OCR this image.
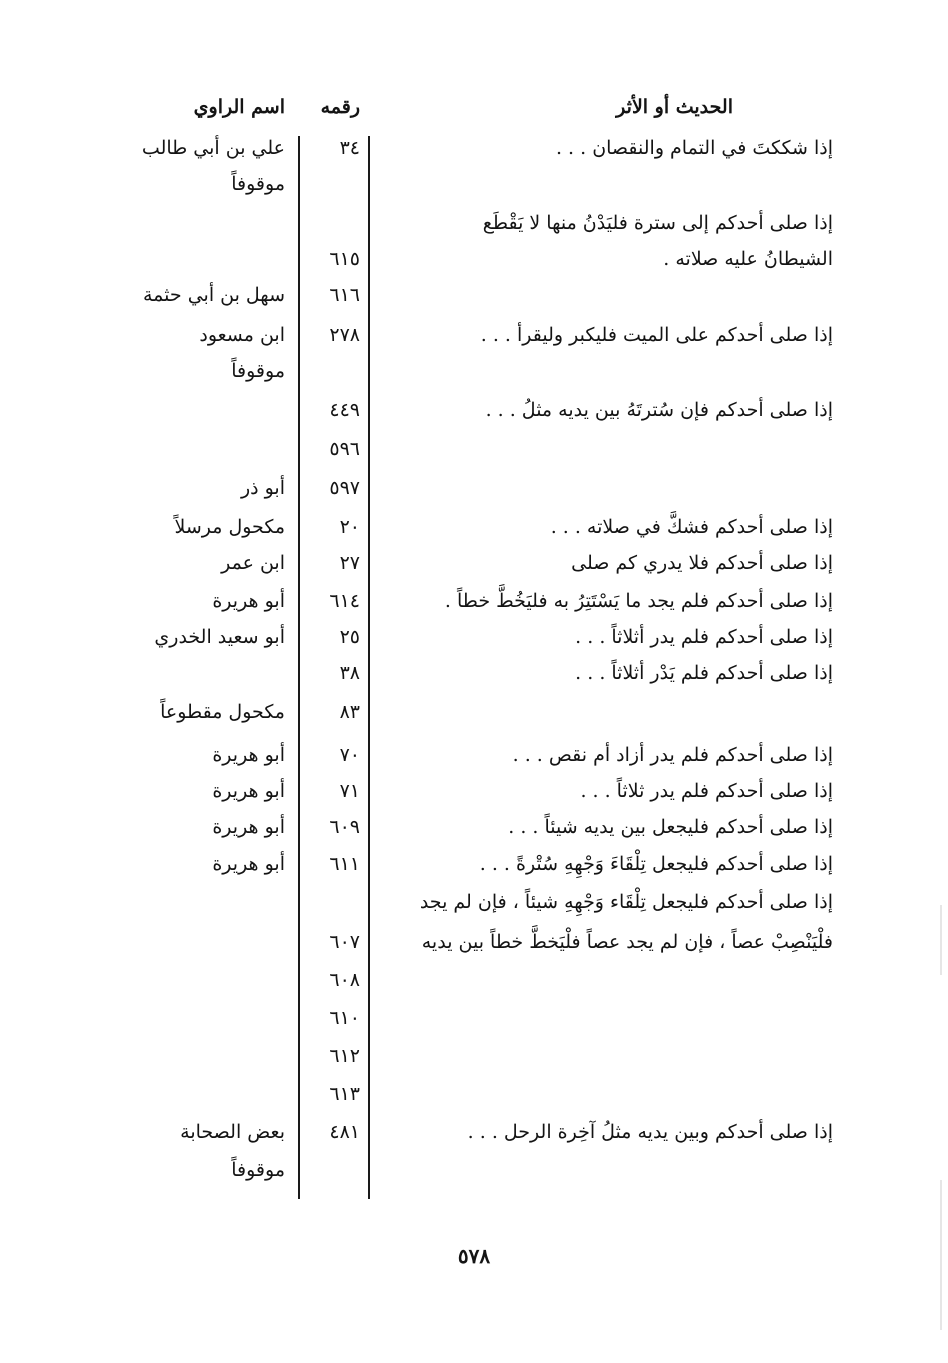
الحديث أو الأثر
رقمه
اسم الراوي
إذا شككتَ في التمام والنقصان . . .
٣٤
علي بن أبي طالب
موقوفاً
إذا صلى أحدكم إلى سترة فليَدْنُ منها لا يَقْطَع
الشيطانُ عليه صلاته .
٦١٥
٦١٦
سهل بن أبي حثمة
إذا صلى أحدكم على الميت فليكبر وليقرأ . . .
٢٧٨
ابن مسعود
موقوفاً
إذا صلى أحدكم فإن سُترتَهُ بين يديه مثلُ . . .
٤٤٩
٥٩٦
٥٩٧
أبو ذر
إذا صلى أحدكم فشكَّ في صلاته . . .
٢٠
مكحول مرسلاً
إذا صلى أحدكم فلا يدري كم صلى
٢٧
ابن عمر
إذا صلى أحدكم فلم يجد ما يَسْتَتِرُ به فليَخُطَّ خطاً .
٦١٤
أبو هريرة
إذا صلى أحدكم فلم يدر أثلاثاً . . .
٢٥
أبو سعيد الخدري
إذا صلى أحدكم فلم يَدْر أثلاثاً . . .
٣٨
٨٣
مكحول مقطوعاً
إذا صلى أحدكم فلم يدر أزاد أم نقص . . .
٧٠
أبو هريرة
إذا صلى أحدكم فلم يدر ثلاثاً . . .
٧١
أبو هريرة
إذا صلى أحدكم فليجعل بين يديه شيئاً . . .
٦٠٩
أبو هريرة
إذا صلى أحدكم فليجعل تِلْقَاءَ وَجْهِهِ سُتْرةً . . .
٦١١
أبو هريرة
إذا صلى أحدكم فليجعل تِلْقَاء وَجْهِهِ شيئاً ، فإن لم يجد
فلْيَنْصِبْ عصاً ، فإن لم يجد عصاً فلْيَخطَّ خطاً بين يديه
٦٠٧
٦٠٨
٦١٠
٦١٢
٦١٣
إذا صلى أحدكم وبين يديه مثلُ آخِرة الرحل . . .
٤٨١
بعض الصحابة
موقوفاً
٥٧٨
